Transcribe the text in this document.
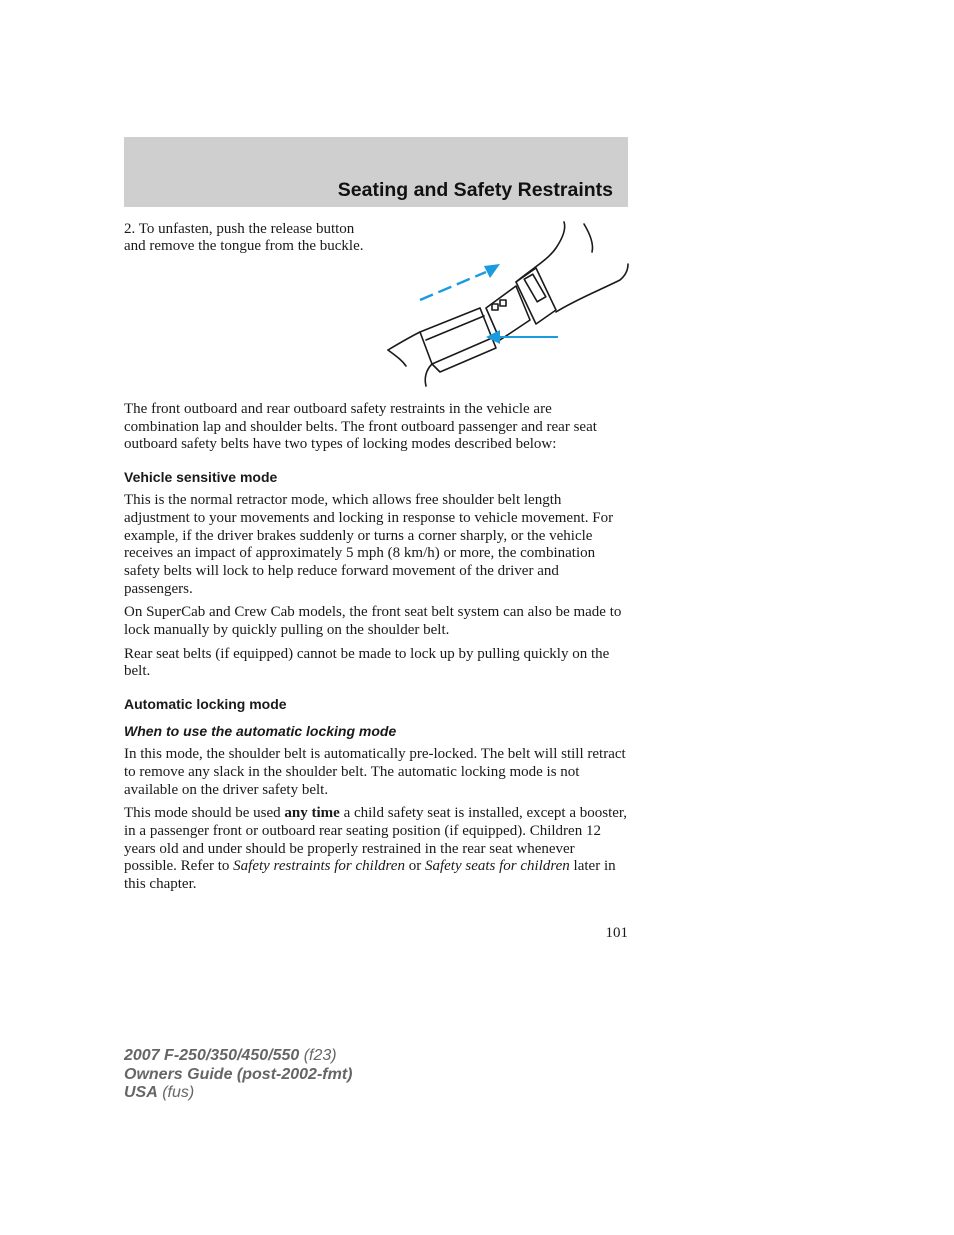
Seating and Safety Restraints

2. To unfasten, push the release button and remove the tongue from the buckle.

The front outboard and rear outboard safety restraints in the vehicle are combination lap and shoulder belts. The front outboard passenger and rear seat outboard safety belts have two types of locking modes described below:

Vehicle sensitive mode

This is the normal retractor mode, which allows free shoulder belt length adjustment to your movements and locking in response to vehicle movement. For example, if the driver brakes suddenly or turns a corner sharply, or the vehicle receives an impact of approximately 5 mph (8 km/h) or more, the combination safety belts will lock to help reduce forward movement of the driver and passengers.

On SuperCab and Crew Cab models, the front seat belt system can also be made to lock manually by quickly pulling on the shoulder belt.

Rear seat belts (if equipped) cannot be made to lock up by pulling quickly on the belt.

Automatic locking mode
When to use the automatic locking mode

In this mode, the shoulder belt is automatically pre-locked. The belt will still retract to remove any slack in the shoulder belt. The automatic locking mode is not available on the driver safety belt.

This mode should be used any time a child safety seat is installed, except a booster, in a passenger front or outboard rear seating position (if equipped). Children 12 years old and under should be properly restrained in the rear seat whenever possible. Refer to Safety restraints for children or Safety seats for children later in this chapter.

101
2007 F-250/350/450/550 (f23)
Owners Guide (post-2002-fmt)
USA (fus)
